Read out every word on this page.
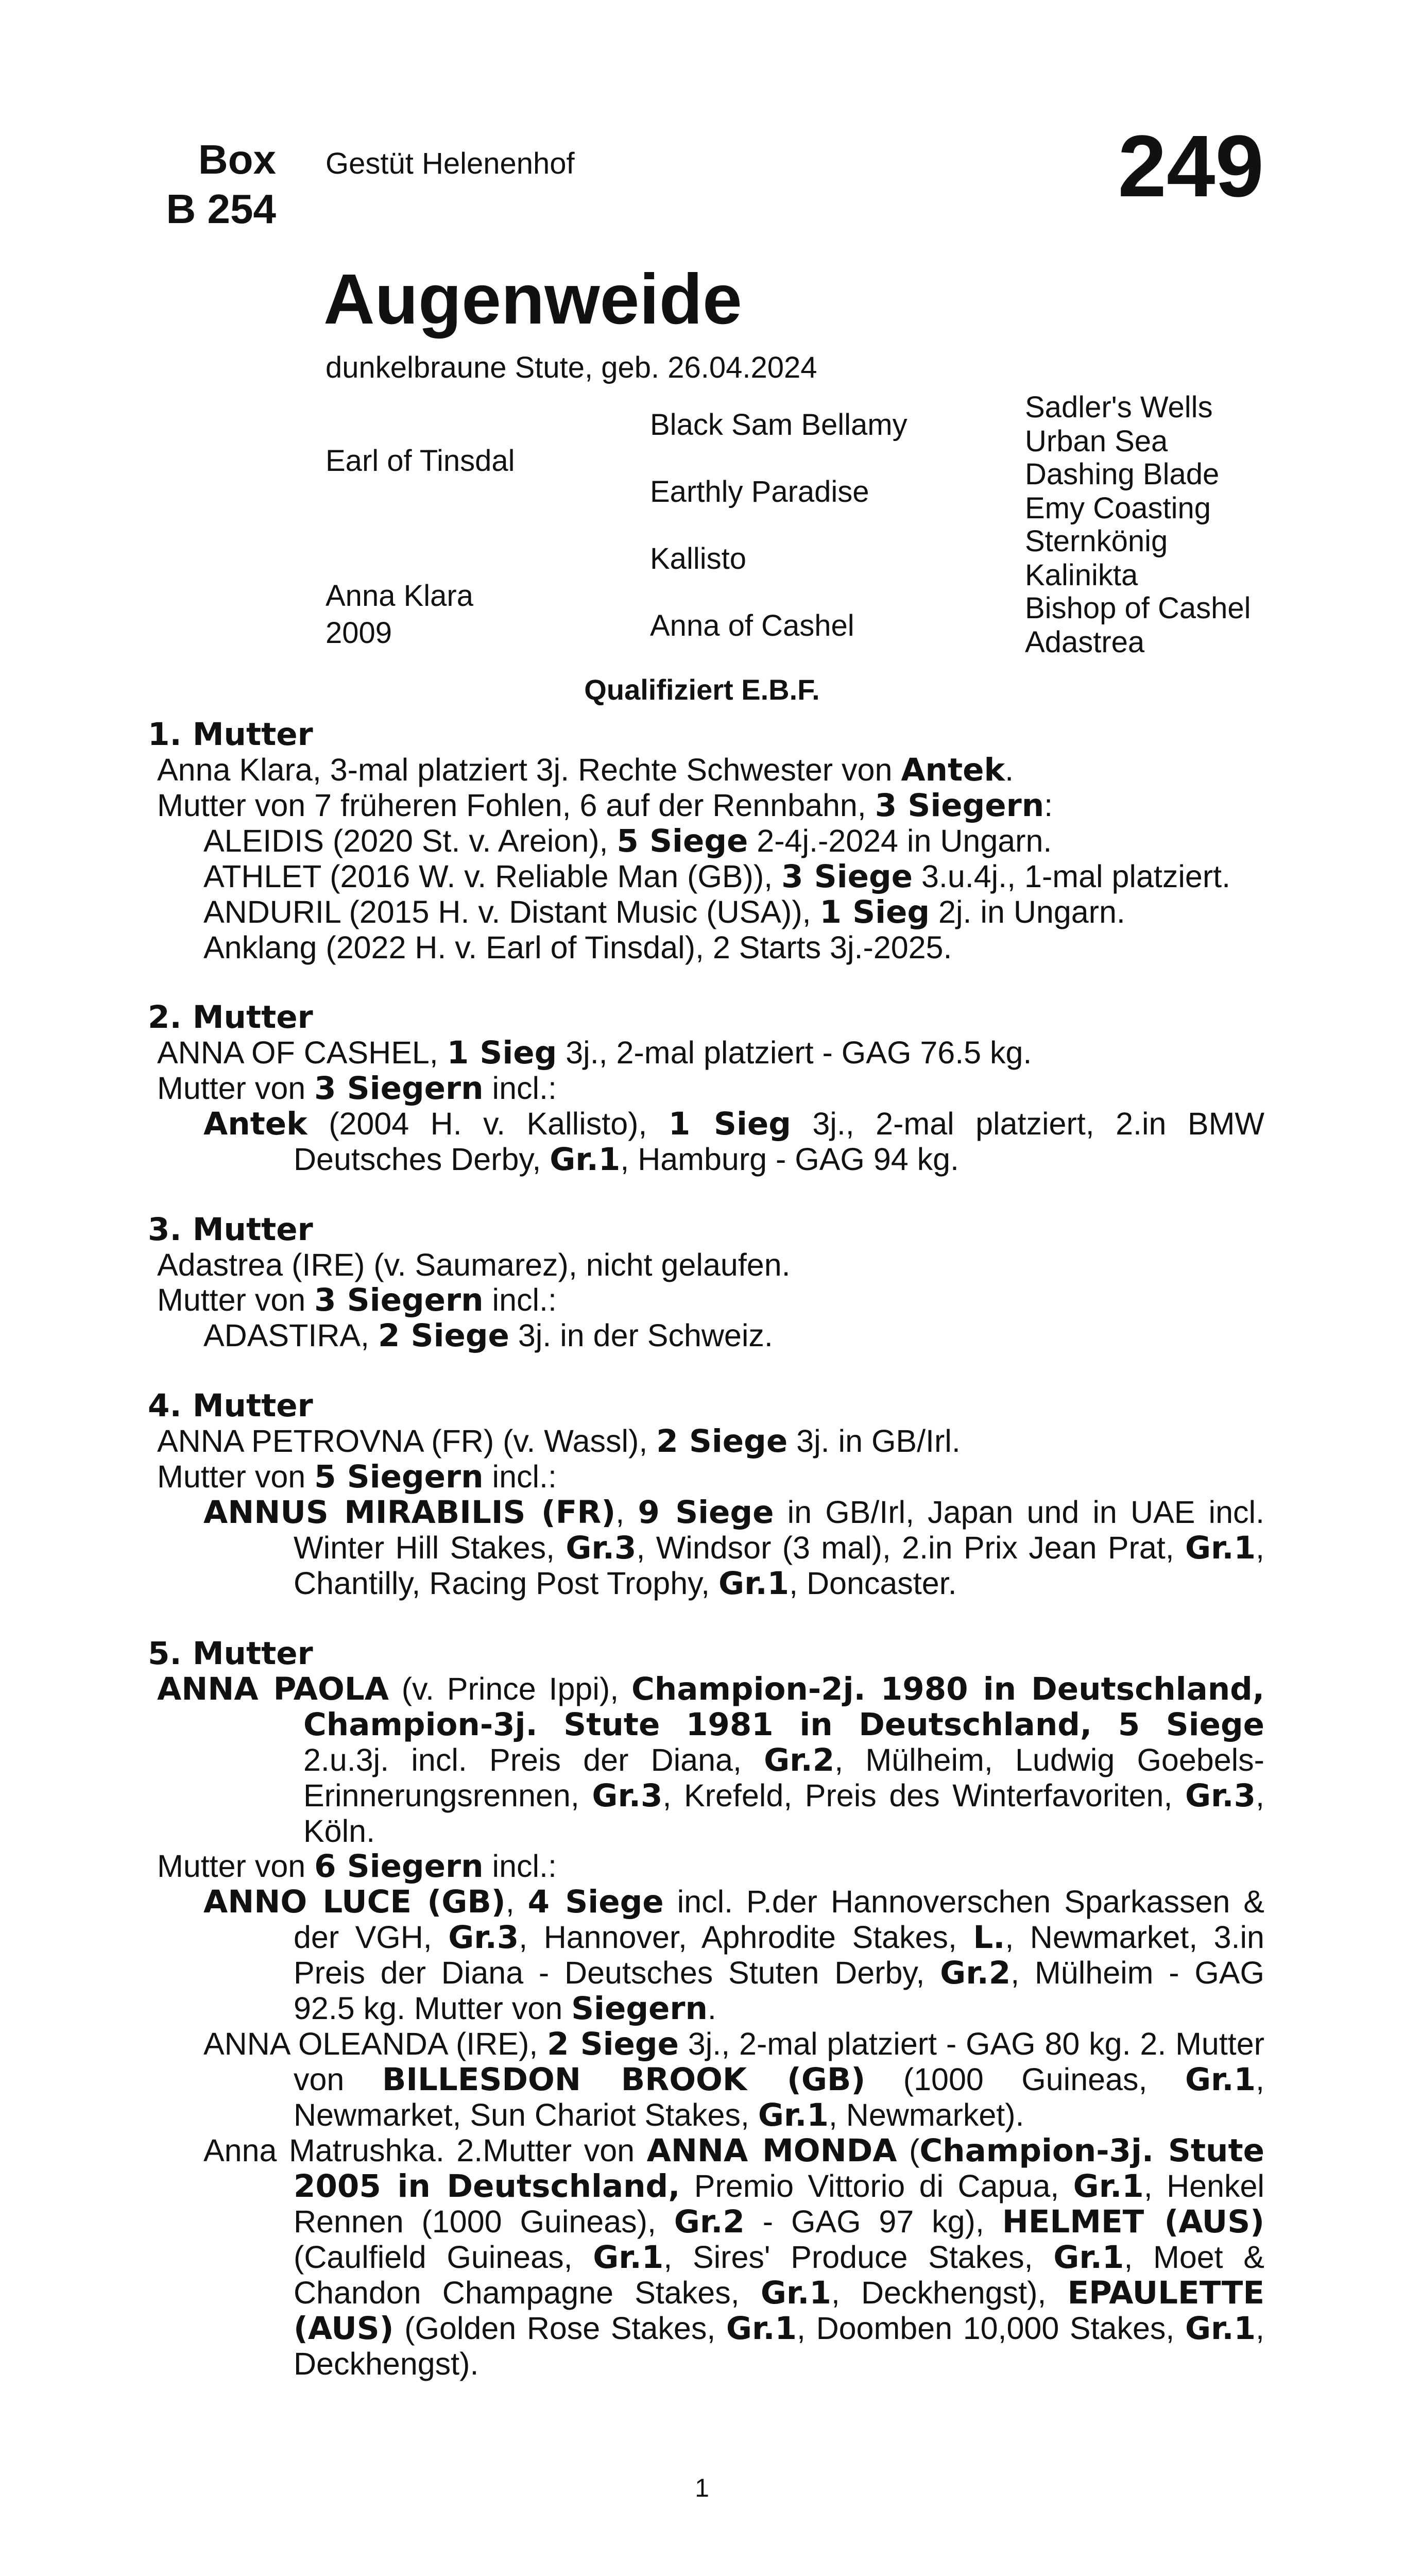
Box
B 254
Gestüt Helenenhof	249
Augenweide
dunkelbraune Stute, geb. 26.04.2024
Earl of Tinsdal
Anna Klara
2009
Black Sam Bellamy
Earthly Paradise
Kallisto
Anna of Cashel
Sadler's Wells
Urban Sea
Dashing Blade
Emy Coasting
Sternkönig
Kalinikta
Bishop of Cashel
Adastrea
Qualifiziert E.B.F.
1. Mutter

Anna Klara, 3-mal platziert 3j. Rechte Schwester von Antek.

Mutter von 7 früheren Fohlen, 6 auf der Rennbahn, 3 Siegern:

ALEIDIS (2020 St. v. Areion), 5 Siege 2-4j.-2024 in Ungarn.

ATHLET (2016 W. v. Reliable Man (GB)), 3 Siege 3.u.4j., 1-mal platziert.

ANDURIL (2015 H. v. Distant Music (USA)), 1 Sieg 2j. in Ungarn.

Anklang (2022 H. v. Earl of Tinsdal), 2 Starts 3j.-2025.

2. Mutter

ANNA OF CASHEL, 1 Sieg 3j., 2-mal platziert - GAG 76.5 kg.

Mutter von 3 Siegern incl.:

Antek (2004 H. v. Kallisto), 1 Sieg 3j., 2-mal platziert, 2.in BMW Deutsches Derby, Gr.1, Hamburg - GAG 94 kg.

3. Mutter

Adastrea (IRE) (v. Saumarez), nicht gelaufen.

Mutter von 3 Siegern incl.:

ADASTIRA, 2 Siege 3j. in der Schweiz.

4. Mutter

ANNA PETROVNA (FR) (v. Wassl), 2 Siege 3j. in GB/Irl.

Mutter von 5 Siegern incl.:

ANNUS MIRABILIS (FR), 9 Siege in GB/Irl, Japan und in UAE incl. Winter Hill Stakes, Gr.3, Windsor (3 mal), 2.in Prix Jean Prat, Gr.1, Chantilly, Racing Post Trophy, Gr.1, Doncaster.

5. Mutter

ANNA PAOLA (v. Prince Ippi), Champion-2j. 1980 in Deutschland, Champion-3j. Stute 1981 in Deutschland, 5 Siege 2.u.3j. incl. Preis der Diana, Gr.2, Mülheim, Ludwig Goebels-Erinnerungsrennen, Gr.3, Krefeld, Preis des Winterfavoriten, Gr.3, Köln.

Mutter von 6 Siegern incl.:

ANNO LUCE (GB), 4 Siege incl. P.der Hannoverschen Sparkassen & der VGH, Gr.3, Hannover, Aphrodite Stakes, L., Newmarket, 3.in Preis der Diana - Deutsches Stuten Derby, Gr.2, Mülheim - GAG 92.5 kg. Mutter von Siegern.

ANNA OLEANDA (IRE), 2 Siege 3j., 2-mal platziert - GAG 80 kg. 2. Mutter von BILLESDON BROOK (GB) (1000 Guineas, Gr.1, Newmarket, Sun Chariot Stakes, Gr.1, Newmarket).

Anna Matrushka. 2.Mutter von ANNA MONDA (Champion-3j. Stute 2005 in Deutschland, Premio Vittorio di Capua, Gr.1, Henkel Rennen (1000 Guineas), Gr.2 - GAG 97 kg), HELMET (AUS) (Caulfield Guineas, Gr.1, Sires' Produce Stakes, Gr.1, Moet & Chandon Champagne Stakes, Gr.1, Deckhengst), EPAULETTE (AUS) (Golden Rose Stakes, Gr.1, Doomben 10,000 Stakes, Gr.1, Deckhengst).

1
